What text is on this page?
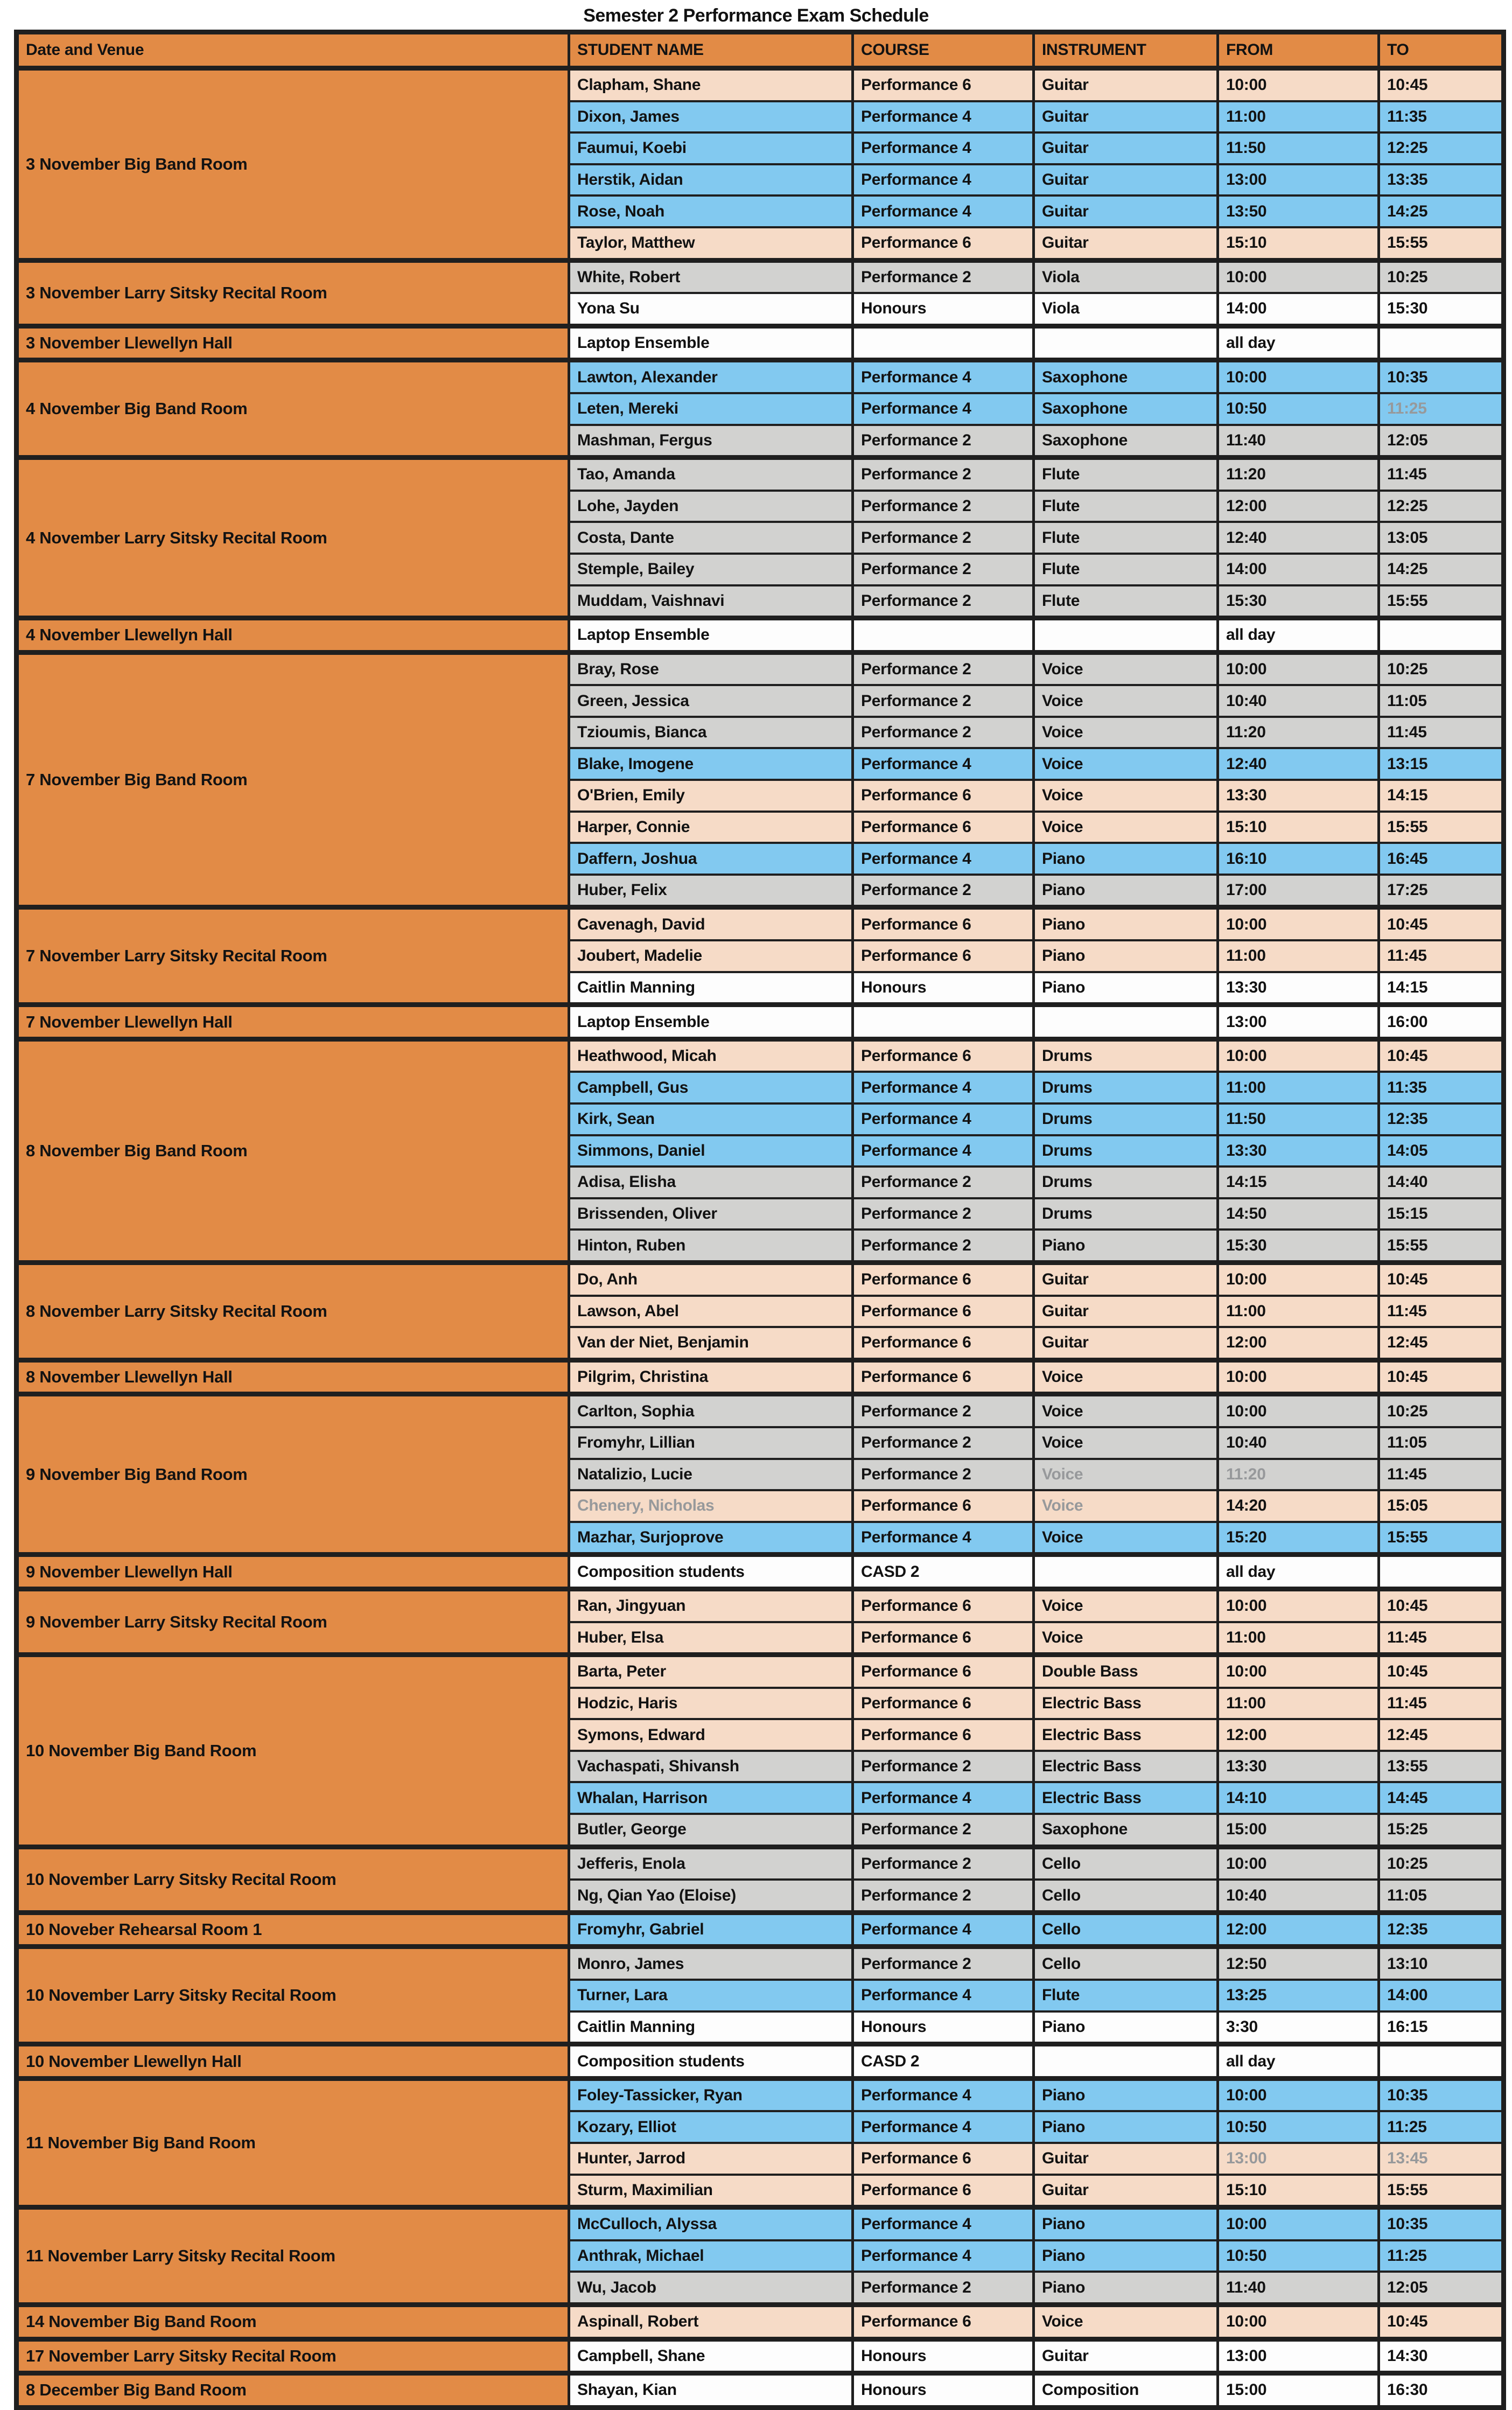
Semester 2 Performance Exam Schedule
Date and Venue	STUDENT NAME	COURSE	INSTRUMENT	FROM	TO
3 November Big Band Room	Clapham, Shane	Performance 6	Guitar	10:00	10:45
	Dixon, James	Performance 4	Guitar	11:00	11:35
	Faumui, Koebi	Performance 4	Guitar	11:50	12:25
	Herstik, Aidan	Performance 4	Guitar	13:00	13:35
	Rose, Noah	Performance 4	Guitar	13:50	14:25
	Taylor, Matthew	Performance 6	Guitar	15:10	15:55
3 November Larry Sitsky Recital Room	White, Robert	Performance 2	Viola	10:00	10:25
	Yona Su	Honours	Viola	14:00	15:30
3 November Llewellyn Hall	Laptop Ensemble			all day	
4 November Big Band Room	Lawton, Alexander	Performance 4	Saxophone	10:00	10:35
	Leten, Mereki	Performance 4	Saxophone	10:50	11:25
	Mashman, Fergus	Performance 2	Saxophone	11:40	12:05
4 November Larry Sitsky Recital Room	Tao, Amanda	Performance 2	Flute	11:20	11:45
	Lohe, Jayden	Performance 2	Flute	12:00	12:25
	Costa, Dante	Performance 2	Flute	12:40	13:05
	Stemple, Bailey	Performance 2	Flute	14:00	14:25
	Muddam, Vaishnavi	Performance 2	Flute	15:30	15:55
4 November Llewellyn Hall	Laptop Ensemble			all day	
7 November Big Band Room	Bray, Rose	Performance 2	Voice	10:00	10:25
	Green, Jessica	Performance 2	Voice	10:40	11:05
	Tzioumis, Bianca	Performance 2	Voice	11:20	11:45
	Blake, Imogene	Performance 4	Voice	12:40	13:15
	O'Brien, Emily	Performance 6	Voice	13:30	14:15
	Harper, Connie	Performance 6	Voice	15:10	15:55
	Daffern, Joshua	Performance 4	Piano	16:10	16:45
	Huber, Felix	Performance 2	Piano	17:00	17:25
7 November Larry Sitsky Recital Room	Cavenagh, David	Performance 6	Piano	10:00	10:45
	Joubert, Madelie	Performance 6	Piano	11:00	11:45
	Caitlin Manning	Honours	Piano	13:30	14:15
7 November Llewellyn Hall	Laptop Ensemble			13:00	16:00
8 November Big Band Room	Heathwood, Micah	Performance 6	Drums	10:00	10:45
	Campbell, Gus	Performance 4	Drums	11:00	11:35
	Kirk, Sean	Performance 4	Drums	11:50	12:35
	Simmons, Daniel	Performance 4	Drums	13:30	14:05
	Adisa, Elisha	Performance 2	Drums	14:15	14:40
	Brissenden, Oliver	Performance 2	Drums	14:50	15:15
	Hinton, Ruben	Performance 2	Piano	15:30	15:55
8 November Larry Sitsky Recital Room	Do, Anh	Performance 6	Guitar	10:00	10:45
	Lawson, Abel	Performance 6	Guitar	11:00	11:45
	Van der Niet, Benjamin	Performance 6	Guitar	12:00	12:45
8 November Llewellyn Hall	Pilgrim, Christina	Performance 6	Voice	10:00	10:45
9 November Big Band Room	Carlton, Sophia	Performance 2	Voice	10:00	10:25
	Fromyhr, Lillian	Performance 2	Voice	10:40	11:05
	Natalizio, Lucie	Performance 2	Voice	11:20	11:45
	Chenery, Nicholas	Performance 6	Voice	14:20	15:05
	Mazhar, Surjoprove	Performance 4	Voice	15:20	15:55
9 November Llewellyn Hall	Composition students	CASD 2		all day	
9 November Larry Sitsky Recital Room	Ran, Jingyuan	Performance 6	Voice	10:00	10:45
	Huber, Elsa	Performance 6	Voice	11:00	11:45
10 November Big Band Room	Barta, Peter	Performance 6	Double Bass	10:00	10:45
	Hodzic, Haris	Performance 6	Electric Bass	11:00	11:45
	Symons, Edward	Performance 6	Electric Bass	12:00	12:45
	Vachaspati, Shivansh	Performance 2	Electric Bass	13:30	13:55
	Whalan, Harrison	Performance 4	Electric Bass	14:10	14:45
	Butler, George	Performance 2	Saxophone	15:00	15:25
10 November Larry Sitsky Recital Room	Jefferis, Enola	Performance 2	Cello	10:00	10:25
	Ng, Qian Yao (Eloise)	Performance 2	Cello	10:40	11:05
10 Noveber Rehearsal Room 1	Fromyhr, Gabriel	Performance 4	Cello	12:00	12:35
10 November Larry Sitsky Recital Room	Monro, James	Performance 2	Cello	12:50	13:10
	Turner, Lara	Performance 4	Flute	13:25	14:00
	Caitlin Manning	Honours	Piano	3:30	16:15
10 November Llewellyn Hall	Composition students	CASD 2		all day	
11 November Big Band Room	Foley-Tassicker, Ryan	Performance 4	Piano	10:00	10:35
	Kozary, Elliot	Performance 4	Piano	10:50	11:25
	Hunter, Jarrod	Performance 6	Guitar	13:00	13:45
	Sturm, Maximilian	Performance 6	Guitar	15:10	15:55
11 November Larry Sitsky Recital Room	McCulloch, Alyssa	Performance 4	Piano	10:00	10:35
	Anthrak, Michael	Performance 4	Piano	10:50	11:25
	Wu, Jacob	Performance 2	Piano	11:40	12:05
14 November Big Band Room	Aspinall, Robert	Performance 6	Voice	10:00	10:45
17 November Larry Sitsky Recital Room	Campbell, Shane	Honours	Guitar	13:00	14:30
8 December Big Band Room	Shayan, Kian	Honours	Composition	15:00	16:30
